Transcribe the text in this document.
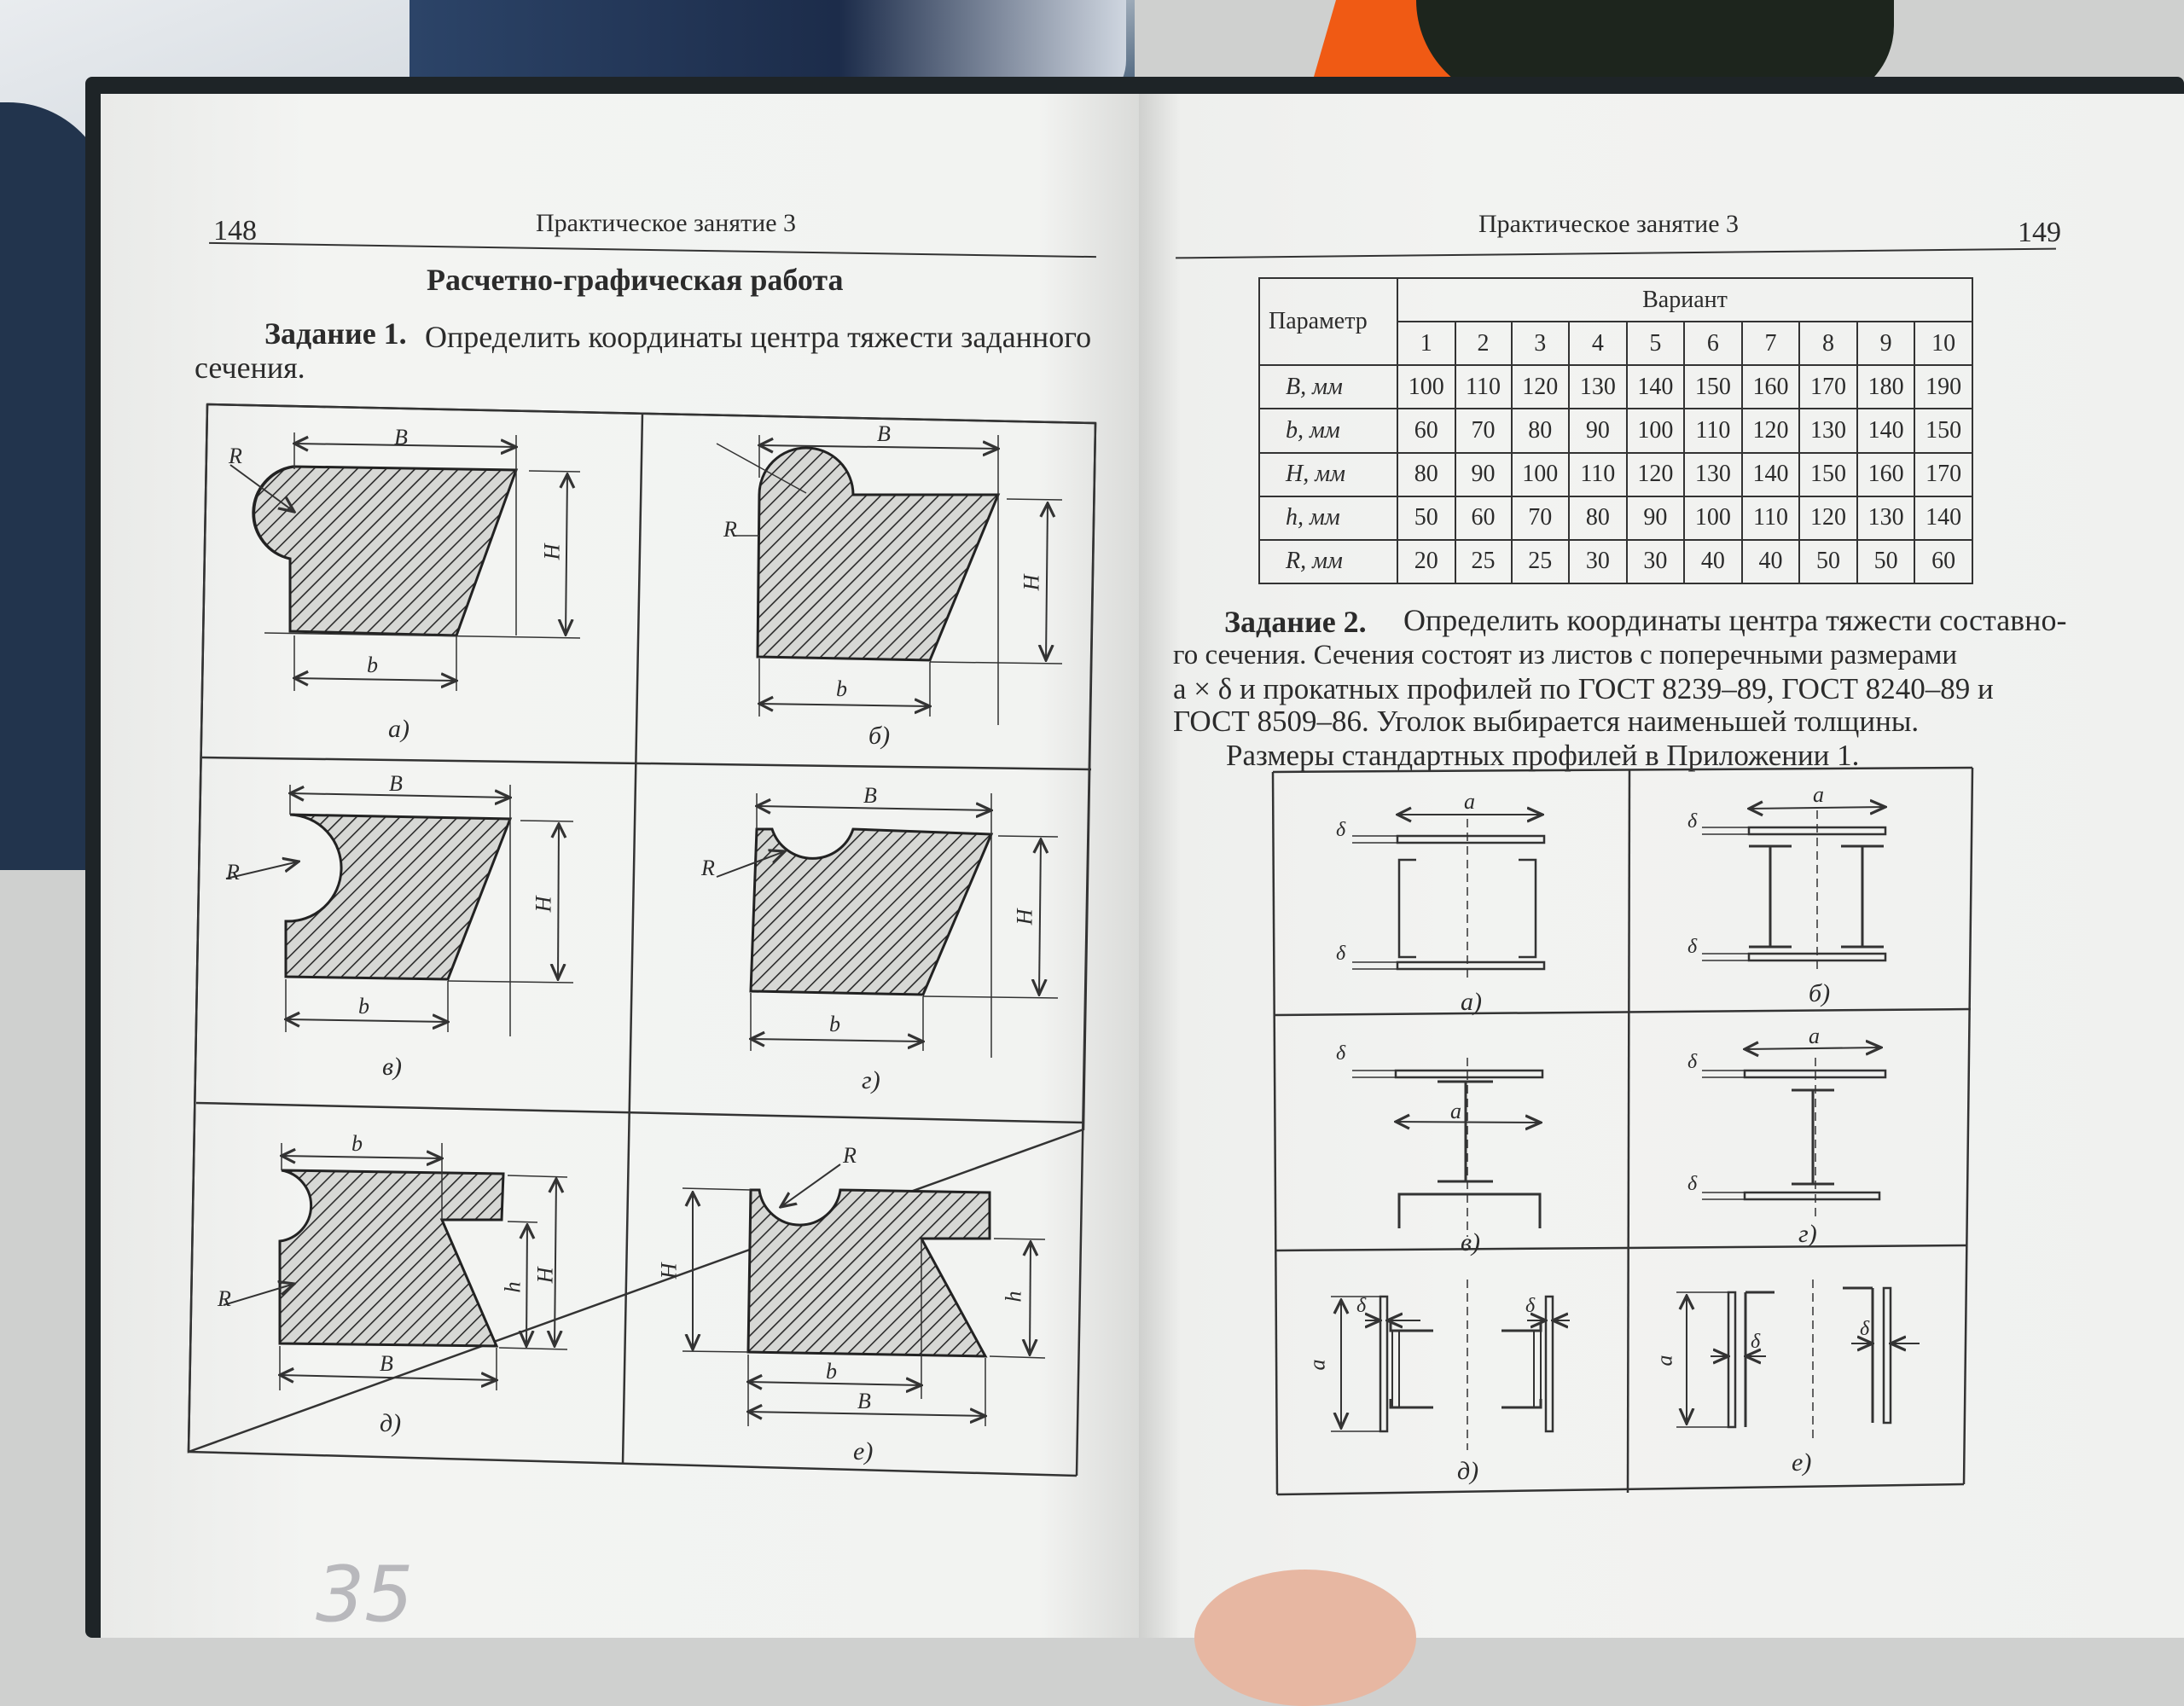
148	Практическое занятие 3
Расчетно-графическая работа
Задание 1. Определить координаты центра тяжести заданного
сечения.
Практическое занятие 3	149
Параметр	Вариант									
	1	2	3	4	5	6	7	8	9	10
B, мм	100	110	120	130	140	150	160	170	180	190
b, мм	60	70	80	90	100	110	120	130	140	150
H, мм	80	90	100	110	120	130	140	150	160	170
h, мм	50	60	70	80	90	100	110	120	130	140
R, мм	20	25	25	30	30	40	40	50	50	60
Задание 2. Определить координаты центра тяжести составно-
го сечения. Сечения состоят из листов с поперечными размерами
a × δ и прокатных профилей по ГОСТ 8239–89, ГОСТ 8240–89 и
ГОСТ 8509–86. Уголок выбирается наименьшей толщины.
Размеры стандартных профилей в Приложении 1.
35
B
R
H
b
B
R
H
b
B
R
H
b
B
R
H
b
b
R	h
H
B
R
H
h
b
B
а)	б)
в)	г)
д)
е)
a
δ
δ
a
δ
δ
a
δ
a
δ
δ
a
δ	δ
a
δ
δ
а)	б)
в)	г)
д)	е)
